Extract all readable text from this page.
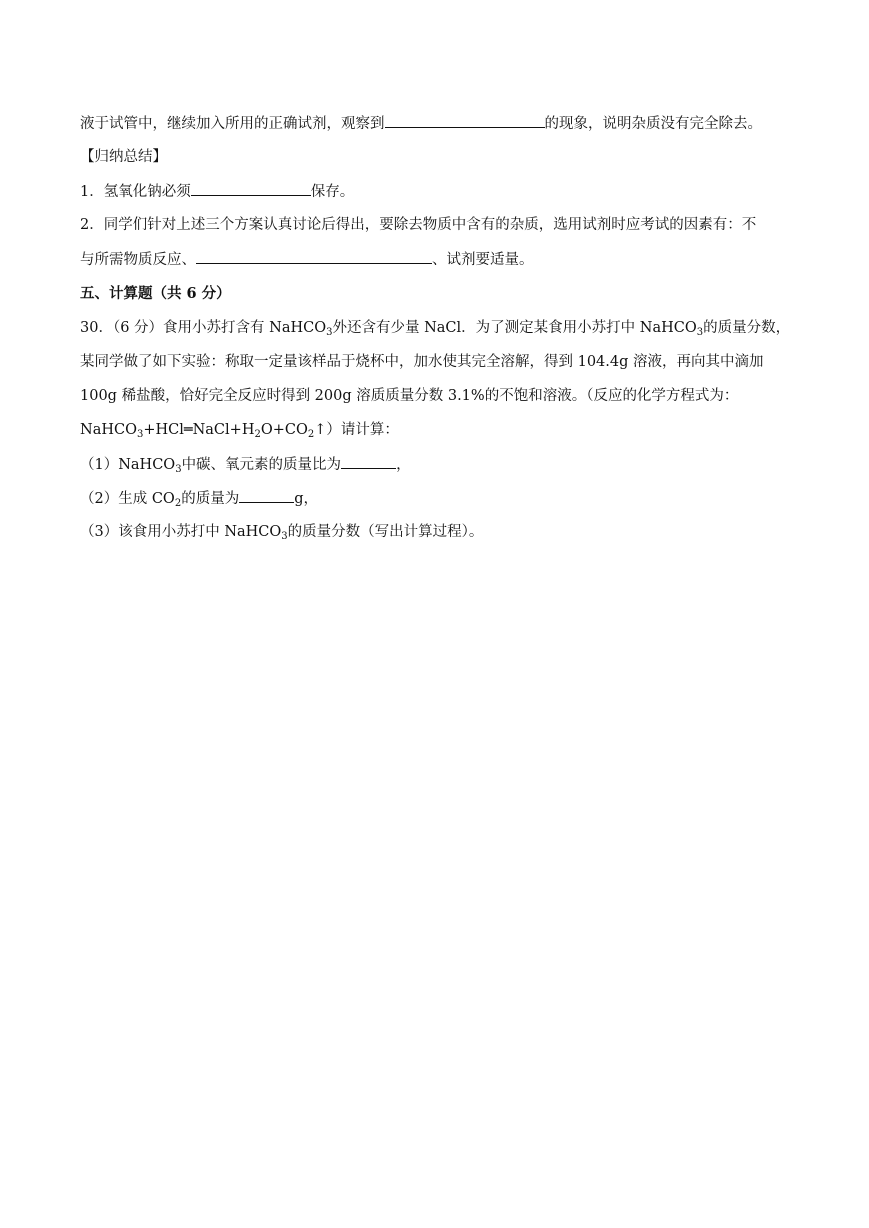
液于试管中，继续加入所用的正确试剂，观察到	的现象，说明杂质没有完全除去。
【归纳总结】
1．氢氧化钠必须	保存。
2．同学们针对上述三个方案认真讨论后得出，要除去物质中含有的杂质，选用试剂时应考试的因素有：不
与所需物质反应、	、试剂要适量。
五、计算题（共 6 分）
30．（6 分）食用小苏打含有 NaHCO$_3$外还含有少量 NaCl．为了测定某食用小苏打中 NaHCO$_3$的质量分数，
某同学做了如下实验：称取一定量该样品于烧杯中，加水使其完全溶解，得到 104.4g 溶液，再向其中滴加
100g 稀盐酸，恰好完全反应时得到 200g 溶质质量分数 3.1%的不饱和溶液。（反应的化学方程式为：
$NaHCO_3+HCl═NaCl+H_2O+CO_2↑$）请计算：
（1）NaHCO$_3$中碳、氧元素的质量比为	，
（2）生成 $CO_2$的质量为	g，
（3）该食用小苏打中 NaHCO$_3$的质量分数（写出计算过程）。
